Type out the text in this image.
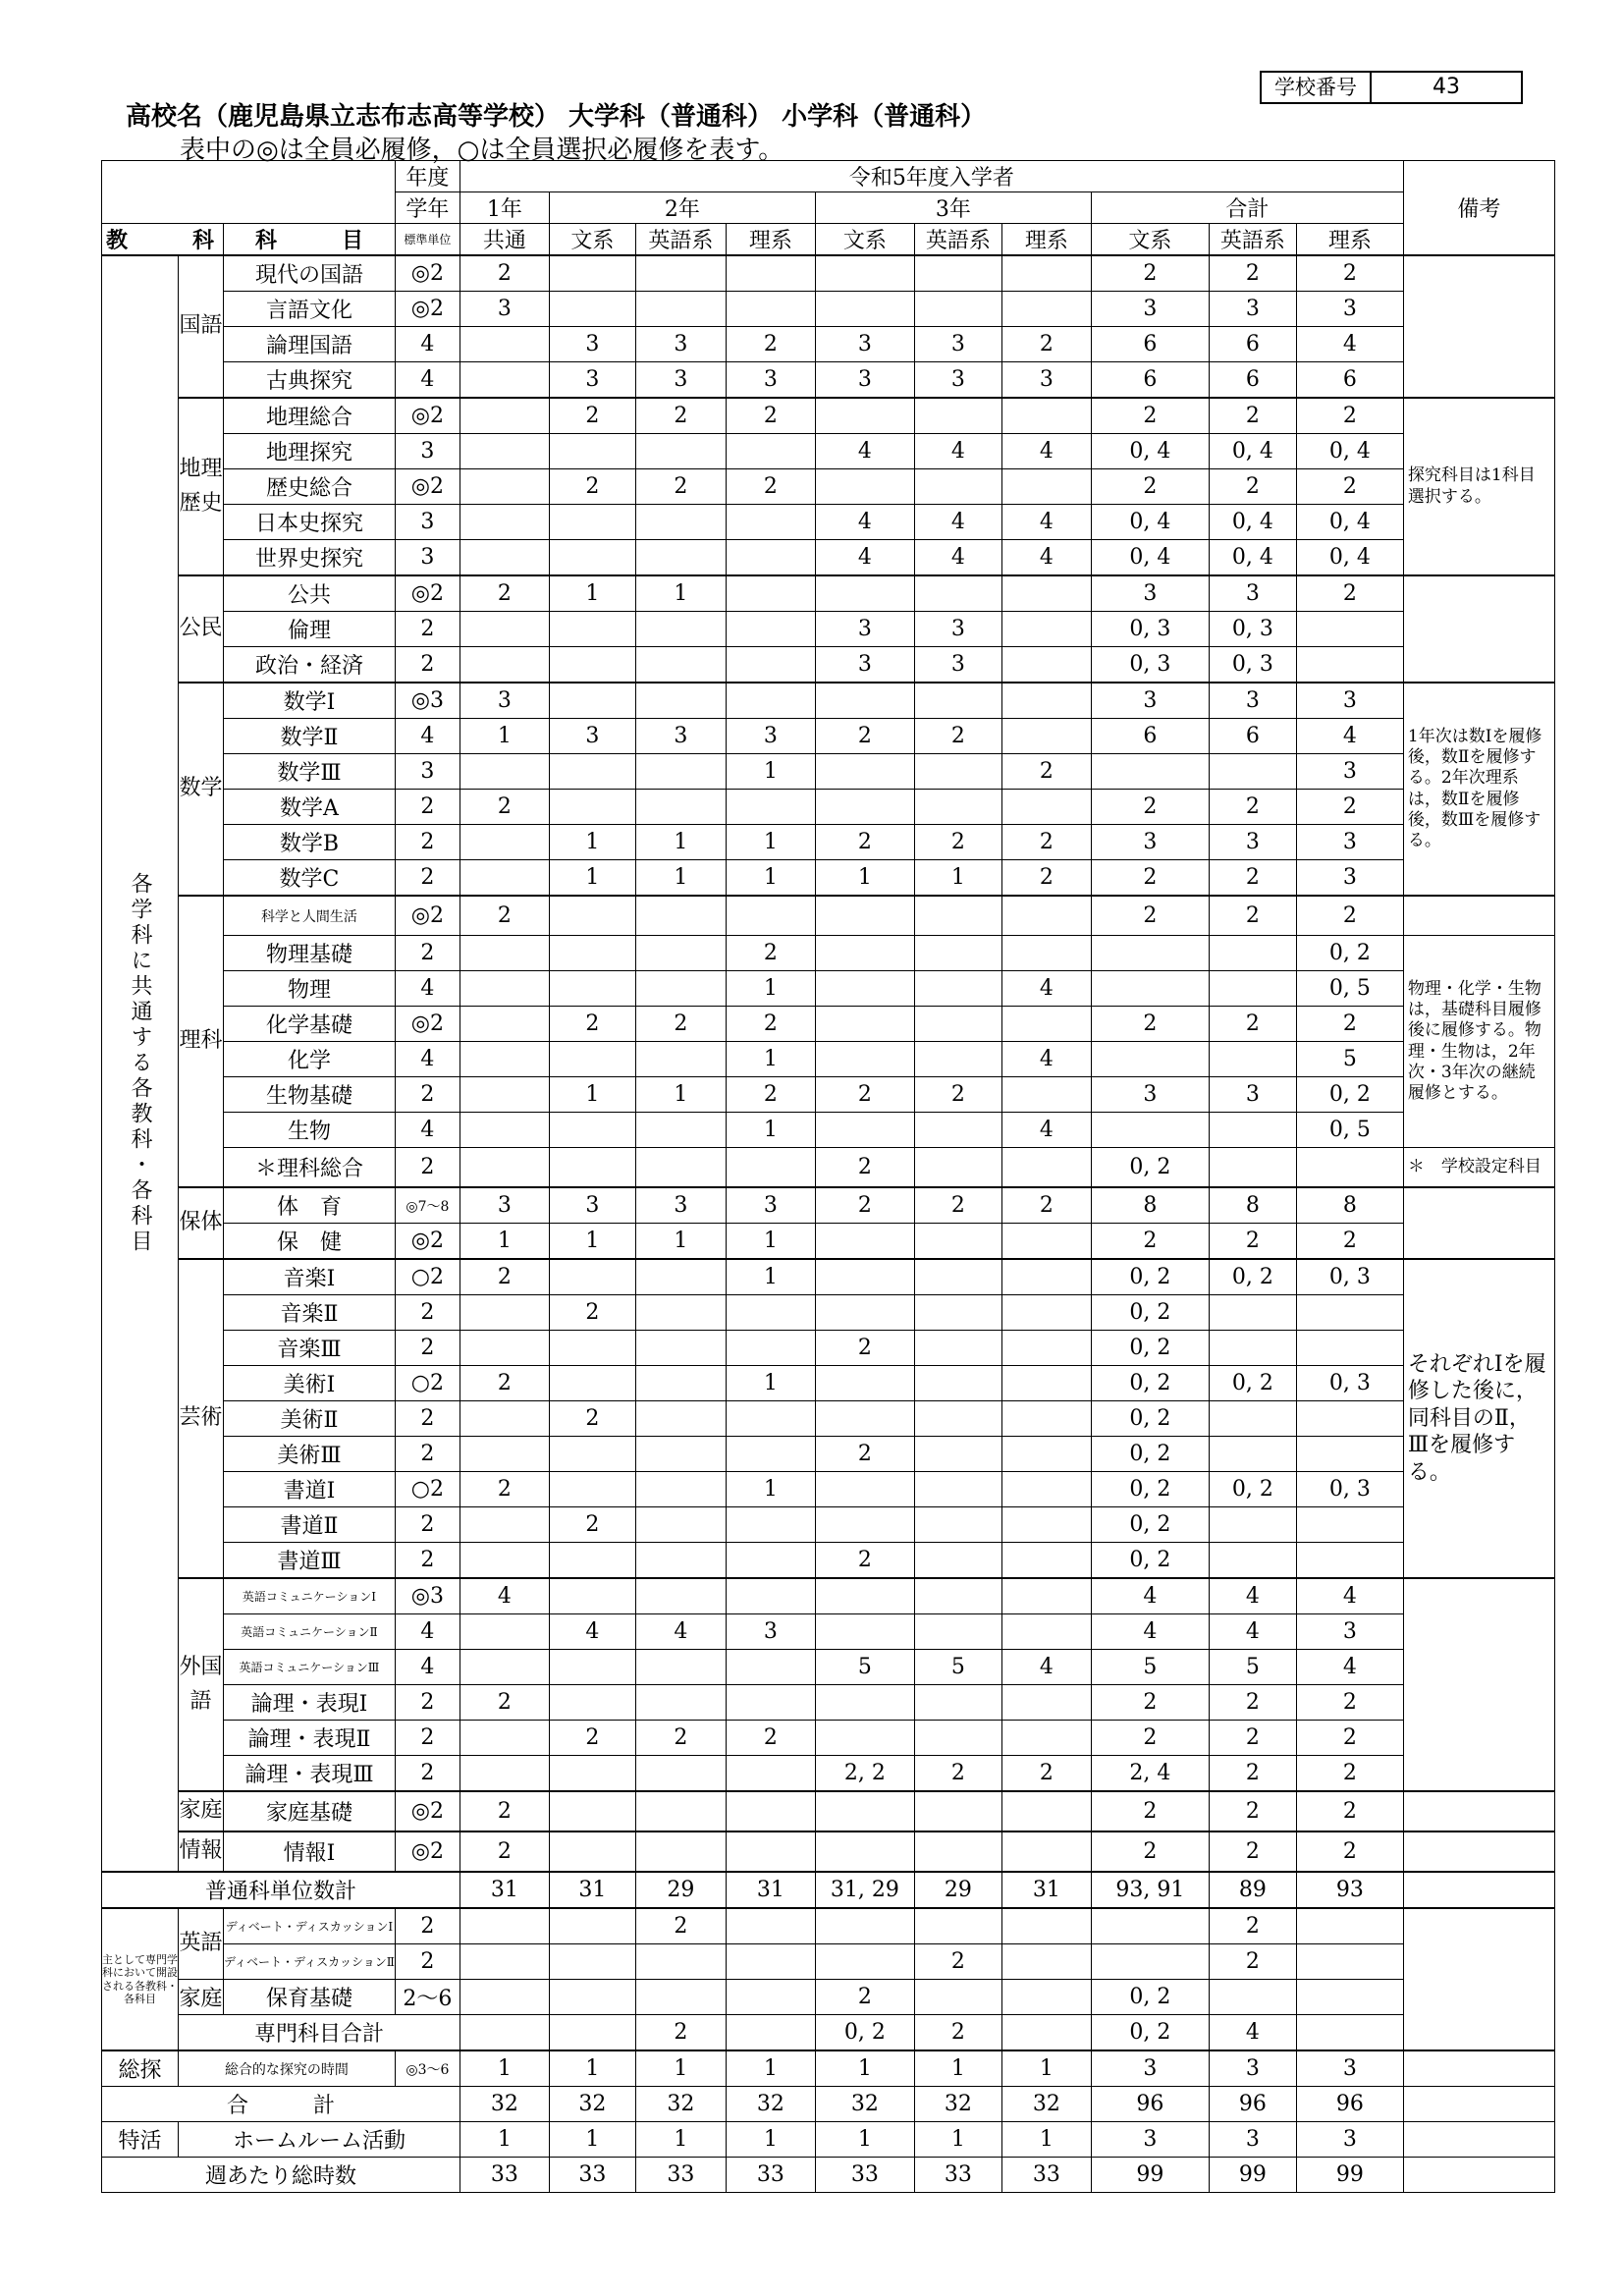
学校番号	43
高校名（鹿児島県立志布志高等学校） 大学科（普通科） 小学科（普通科）
表中の◎は全員必履修，○は全員選択必履修を表す。
			年度	令和5年度入学者										備考
			学年	1年	2年			3年			合計			
教　　　科		科　　　目	標準単位	共通	文系	英語系	理系	文系	英語系	理系	文系	英語系	理系	
各学科に共通する各教科・各科目	国語	現代の国語	◎2	2							2	2	2	
		言語文化	◎2	3							3	3	3	
		論理国語	4		3	3	2	3	3	2	6	6	4	
		古典探究	4		3	3	3	3	3	3	6	6	6	
	地理歴史	地理総合	◎2		2	2	2				2	2	2	探究科目は1科目選択する。
		地理探究	3					4	4	4	0, 4	0, 4	0, 4	
		歴史総合	◎2		2	2	2				2	2	2	
		日本史探究	3					4	4	4	0, 4	0, 4	0, 4	
		世界史探究	3					4	4	4	0, 4	0, 4	0, 4	
	公民	公共	◎2	2	1	1					3	3	2	
		倫理	2					3	3		0, 3	0, 3		
		政治・経済	2					3	3		0, 3	0, 3		
	数学	数学Ⅰ	◎3	3							3	3	3	1年次は数Ⅰを履修後，数Ⅱを履修する。2年次理系は，数Ⅱを履修後，数Ⅲを履修する。
		数学Ⅱ	4	1	3	3	3	2	2		6	6	4	
		数学Ⅲ	3				1			2			3	
		数学A	2	2							2	2	2	
		数学B	2		1	1	1	2	2	2	3	3	3	
		数学C	2		1	1	1	1	1	2	2	2	3	
	理科	科学と人間生活	◎2	2							2	2	2	
		物理基礎	2				2						0, 2	物理・化学・生物は，基礎科目履修後に履修する。物理・生物は，2年次・3年次の継続履修とする。
		物理	4				1			4			0, 5	
		化学基礎	◎2		2	2	2				2	2	2	
		化学	4				1			4			5	
		生物基礎	2		1	1	2	2	2		3	3	0, 2	
		生物	4				1			4			0, 5	
		＊理科総合	2					2			0, 2			＊　学校設定科目
	保体	体　育	◎7～8	3	3	3	3	2	2	2	8	8	8	
		保　健	◎2	1	1	1	1				2	2	2	
	芸術	音楽Ⅰ	○2	2			1				0, 2	0, 2	0, 3	それぞれⅠを履修した後に，同科目のⅡ，Ⅲを履修する。
		音楽Ⅱ	2		2						0, 2			
		音楽Ⅲ	2					2			0, 2			
		美術Ⅰ	○2	2			1				0, 2	0, 2	0, 3	
		美術Ⅱ	2		2						0, 2			
		美術Ⅲ	2					2			0, 2			
		書道Ⅰ	○2	2			1				0, 2	0, 2	0, 3	
		書道Ⅱ	2		2						0, 2			
		書道Ⅲ	2					2			0, 2			
	外国語	英語コミュニケーションⅠ	◎3	4							4	4	4	
		英語コミュニケーションⅡ	4		4	4	3				4	4	3	
		英語コミュニケーションⅢ	4					5	5	4	5	5	4	
		論理・表現Ⅰ	2	2							2	2	2	
		論理・表現Ⅱ	2		2	2	2				2	2	2	
		論理・表現Ⅲ	2					2, 2	2	2	2, 4	2	2	
	家庭	家庭基礎	◎2	2							2	2	2	
	情報	情報Ⅰ	◎2	2							2	2	2	
普通科単位数計				31	31	29	31	31, 29	29	31	93, 91	89	93	
主として専門学科において開設される各教科・各科目	英語	ディベート・ディスカッションⅠ	2			2						2		
		ディベート・ディスカッションⅡ	2						2			2		
	家庭	保育基礎	2～6					2			0, 2			
	専門科目合計					2		0, 2	2		0, 2	4		
総探	総合的な探究の時間		◎3～6	1	1	1	1	1	1	1	3	3	3	
合　　　計				32	32	32	32	32	32	32	96	96	96	
特活	ホームルーム活動			1	1	1	1	1	1	1	3	3	3	
週あたり総時数				33	33	33	33	33	33	33	99	99	99	
